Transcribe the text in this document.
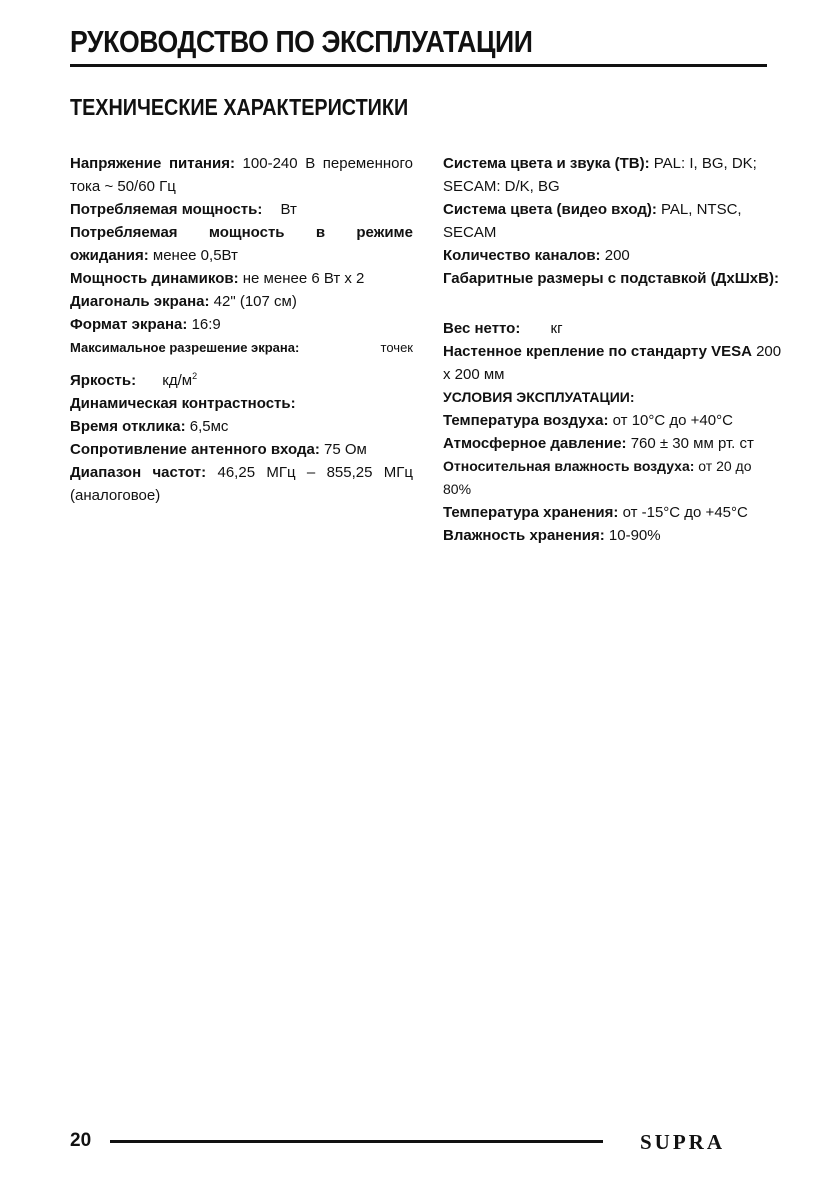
РУКОВОДСТВО ПО ЭКСПЛУАТАЦИИ
ТЕХНИЧЕСКИЕ ХАРАКТЕРИСТИКИ

Напряжение питания: 100-240 В переменного тока ~ 50/60 Гц

Потребляемая мощность: Вт

Потребляемая мощность в режиме ожидания: менее 0,5Вт

Мощность динамиков: не менее 6 Вт х 2

Диагональ экрана: 42" (107 см)

Формат экрана: 16:9

Максимальное разрешение экрана:	точек

Яркость: $кд/м^2$

Динамическая контрастность:

Время отклика: 6,5мс

Сопротивление антенного входа: 75 Ом

Диапазон частот: 46,25 МГц – 855,25 МГц (аналоговое)

Система цвета и звука (ТВ): PAL: I, BG, DK; SECAM: D/K, BG

Система цвета (видео вход): PAL, NTSC, SECAM

Количество каналов: 200

Габаритные размеры с подставкой (ДхШхВ):

Вес нетто: кг

Настенное крепление по стандарту VESA 200 х 200 мм

УСЛОВИЯ ЭКСПЛУАТАЦИИ:

Температура воздуха: от 10°С до +40°С

Атмосферное давление: 760 ± 30 мм рт. ст

Относительная влажность воздуха: от 20 до 80%

Температура хранения: от -15°С до +45°С

Влажность хранения: 10-90%

20	SUPRA
